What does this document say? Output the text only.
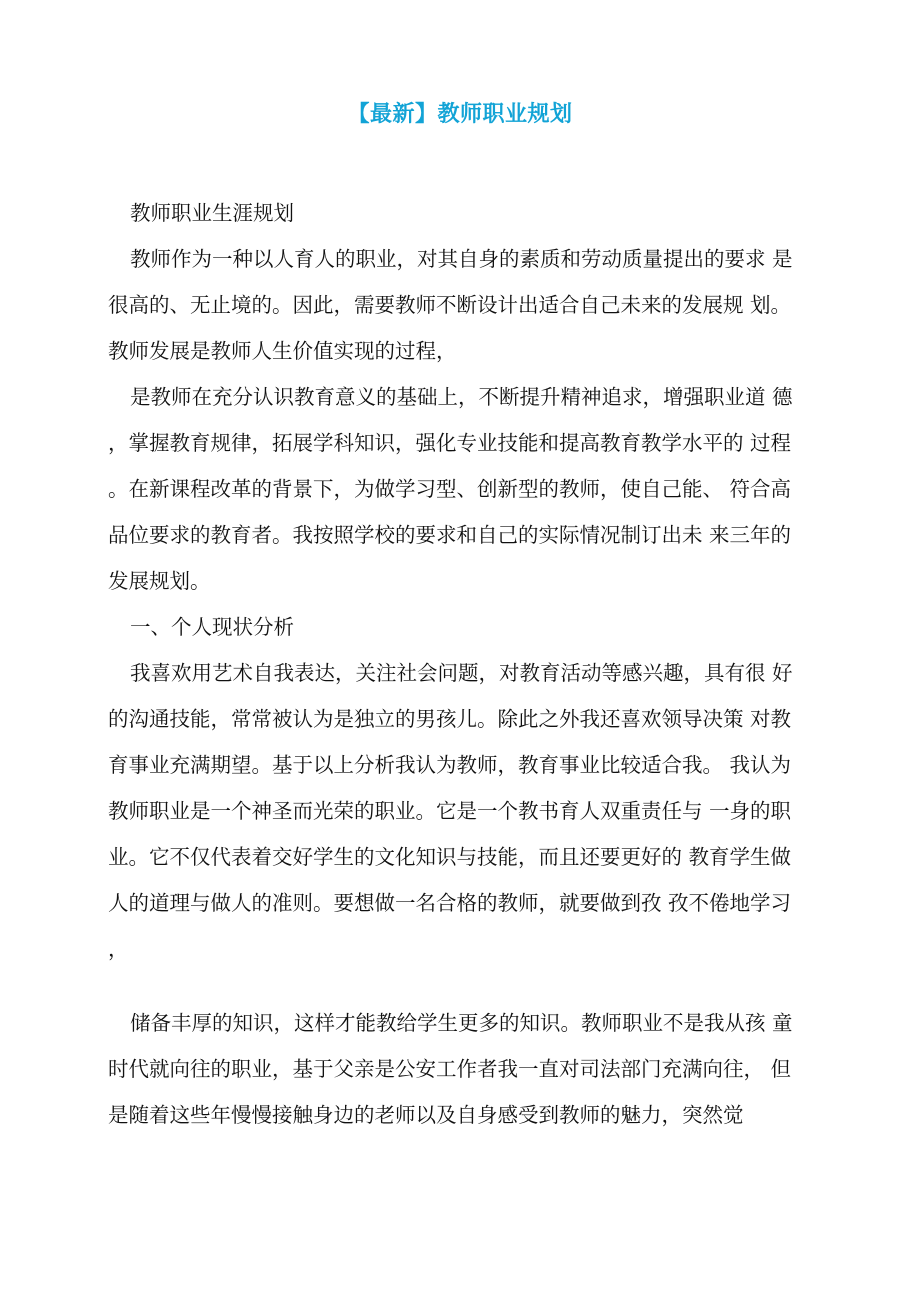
【最新】教师职业规划
教师职业生涯规划
教师作为一种以人育人的职业，对其自身的素质和劳动质量提出的要求 是
很高的、无止境的。因此，需要教师不断设计出适合自己未来的发展规 划。
教师发展是教师人生价值实现的过程，
是教师在充分认识教育意义的基础上，不断提升精神追求，增强职业道 德
，掌握教育规律，拓展学科知识，强化专业技能和提高教育教学水平的 过程
。在新课程改革的背景下，为做学习型、创新型的教师，使自己能、 符合高
品位要求的教育者。我按照学校的要求和自己的实际情况制订出未 来三年的
发展规划。
一、个人现状分析
我喜欢用艺术自我表达，关注社会问题，对教育活动等感兴趣，具有很 好
的沟通技能，常常被认为是独立的男孩儿。除此之外我还喜欢领导决策 对教
育事业充满期望。基于以上分析我认为教师，教育事业比较适合我。 我认为
教师职业是一个神圣而光荣的职业。它是一个教书育人双重责任与 一身的职
业。它不仅代表着交好学生的文化知识与技能，而且还要更好的 教育学生做
人的道理与做人的准则。要想做一名合格的教师，就要做到孜 孜不倦地学习
，
储备丰厚的知识，这样才能教给学生更多的知识。教师职业不是我从孩 童
时代就向往的职业，基于父亲是公安工作者我一直对司法部门充满向往， 但
是随着这些年慢慢接触身边的老师以及自身感受到教师的魅力，突然觉
